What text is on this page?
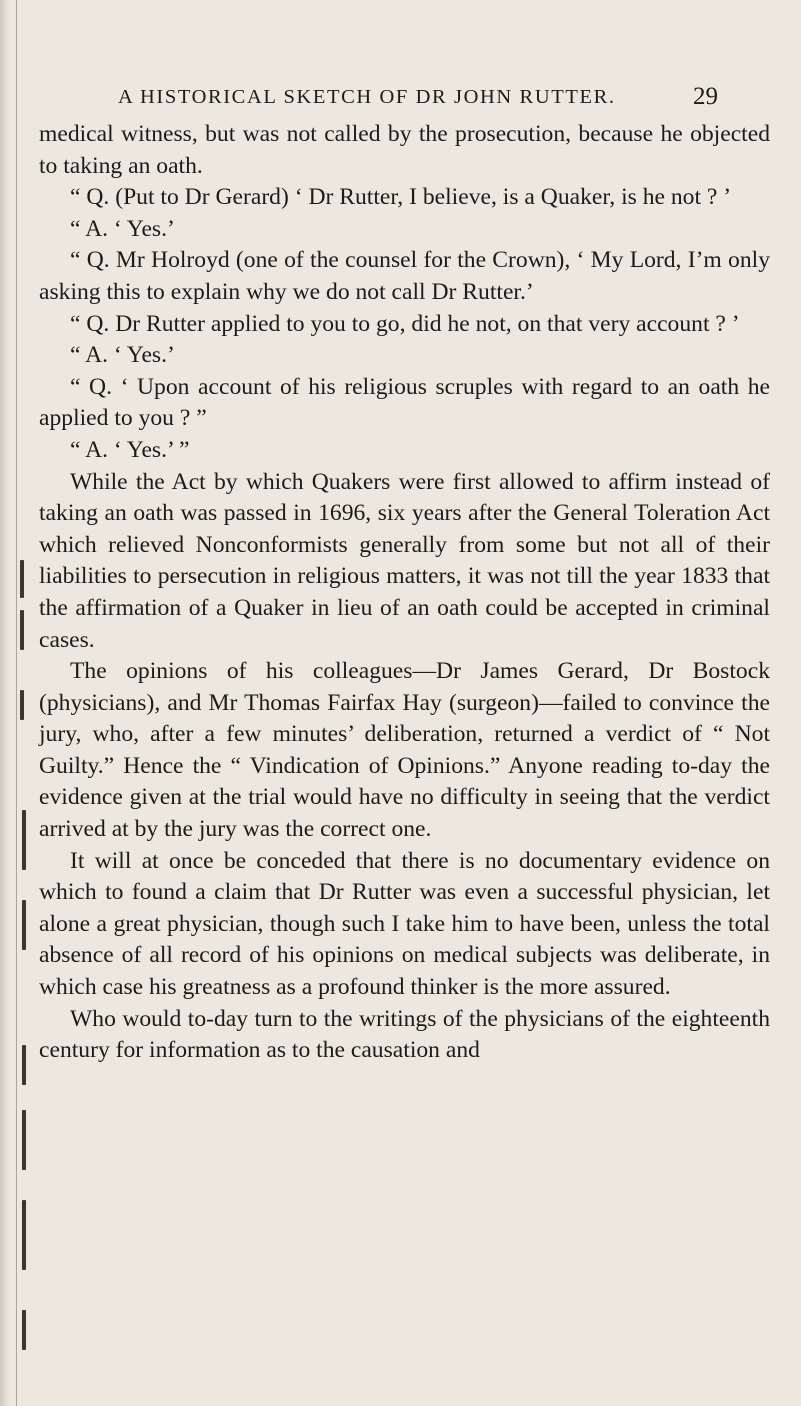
A HISTORICAL SKETCH OF DR JOHN RUTTER.	29

medical witness, but was not called by the prosecution, because he objected to taking an oath.

“ Q. (Put to Dr Gerard) ‘ Dr Rutter, I believe, is a Quaker, is he not ? ’

“ A. ‘ Yes.’

“ Q. Mr Holroyd (one of the counsel for the Crown), ‘ My Lord, I’m only asking this to explain why we do not call Dr Rutter.’

“ Q. Dr Rutter applied to you to go, did he not, on that very account ? ’

“ A. ‘ Yes.’

“ Q. ‘ Upon account of his religious scruples with regard to an oath he applied to you ? ”

“ A. ‘ Yes.’ ”

While the Act by which Quakers were first allowed to affirm instead of taking an oath was passed in 1696, six years after the General Toleration Act which relieved Nonconformists generally from some but not all of their liabilities to persecution in religious matters, it was not till the year 1833 that the affirmation of a Quaker in lieu of an oath could be accepted in criminal cases.

The opinions of his colleagues—Dr James Gerard, Dr Bostock (physicians), and Mr Thomas Fairfax Hay (surgeon)—failed to convince the jury, who, after a few minutes’ deliberation, returned a verdict of “ Not Guilty.” Hence the “ Vindication of Opinions.” Anyone reading to-day the evidence given at the trial would have no difficulty in seeing that the verdict arrived at by the jury was the correct one.

It will at once be conceded that there is no documentary evidence on which to found a claim that Dr Rutter was even a successful physician, let alone a great physician, though such I take him to have been, unless the total absence of all record of his opinions on medical subjects was deliberate, in which case his greatness as a profound thinker is the more assured.

Who would to-day turn to the writings of the physicians of the eighteenth century for information as to the causation and
